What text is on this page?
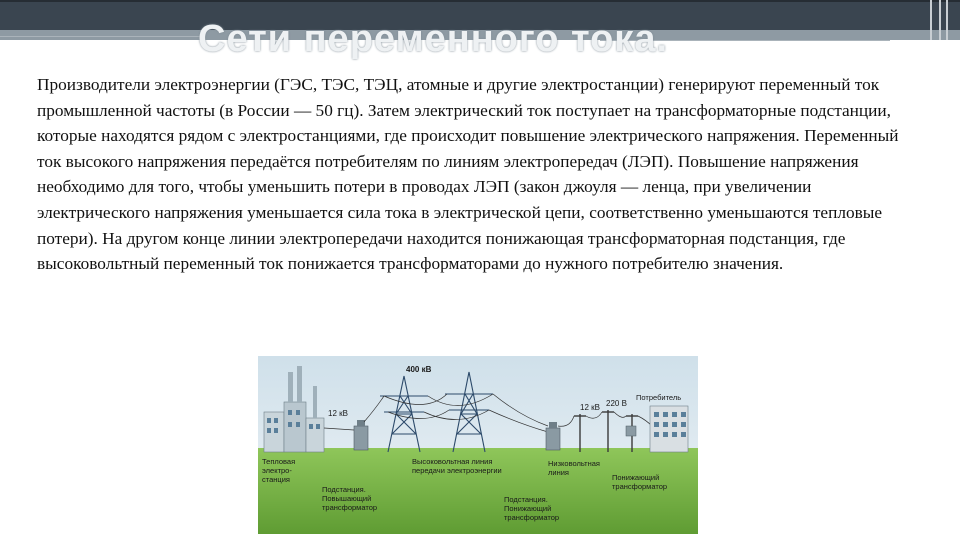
Сети переменного тока.
Производители электроэнергии (ГЭС, ТЭС, ТЭЦ, атомные и другие электростанции) генерируют переменный ток промышленной частоты (в России — 50 гц). Затем электрический ток поступает на трансформаторные подстанции, которые находятся рядом с электростанциями, где происходит повышение электрического напряжения. Переменный ток высокого напряжения передаётся потребителям по линиям электропередач (ЛЭП). Повышение напряжения необходимо для того, чтобы уменьшить потери в проводах ЛЭП (закон джоуля — ленца, при увеличении электрического напряжения уменьшается сила тока в электрической цепи, соответственно уменьшаются тепловые потери). На другом конце линии электропередачи находится понижающая трансформаторная подстанция, где высоковольтный переменный ток понижается трансформаторами до нужного потребителю значения.
400 кВ
12 кВ
12 кВ 220 В
Потребитель
Тепловая
электро-
станция
Высоковольтная линия
передачи электроэнергии
Подстанция.
Повышающий
трансформатор
Низковольтная
линия
Подстанция.
Понижающий
трансформатор
Понижающий
трансформатор
